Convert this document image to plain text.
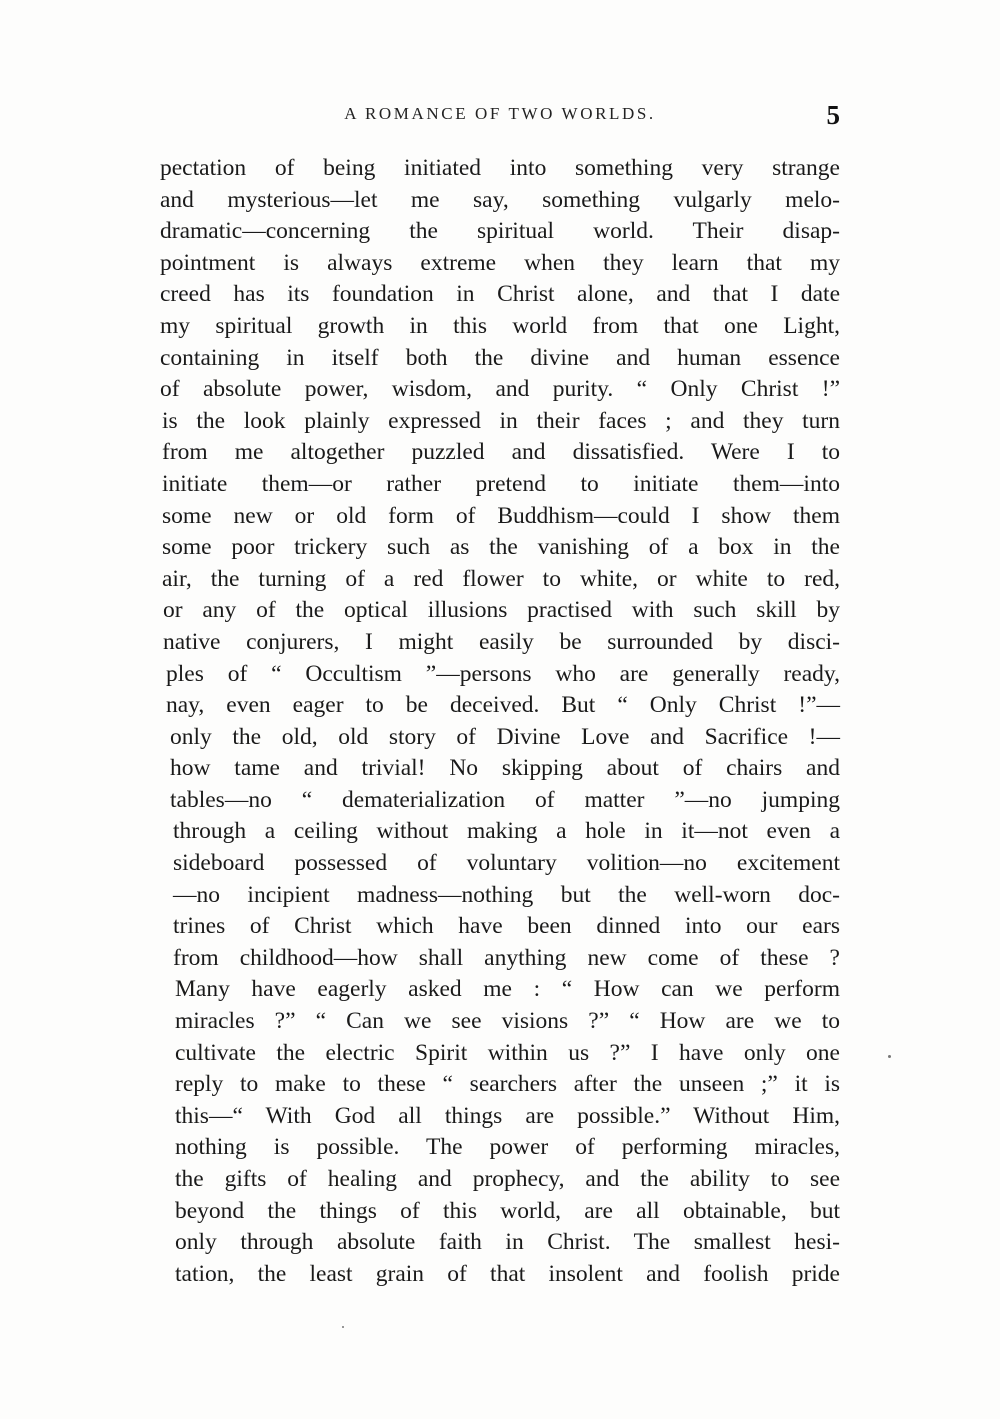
A ROMANCE OF TWO WORLDS.	5
pectation of being initiated into something very strange
and mysterious—let me say, something vulgarly melo-
dramatic—concerning the spiritual world. Their disap-
pointment is always extreme when they learn that my
creed has its foundation in Christ alone, and that I date
my spiritual growth in this world from that one Light,
containing in itself both the divine and human essence
of absolute power, wisdom, and purity. “ Only Christ !”
is the look plainly expressed in their faces ; and they turn
from me altogether puzzled and dissatisfied. Were I to
initiate them—or rather pretend to initiate them—into
some new or old form of Buddhism—could I show them
some poor trickery such as the vanishing of a box in the
air, the turning of a red flower to white, or white to red,
or any of the optical illusions practised with such skill by
native conjurers, I might easily be surrounded by disci-
ples of “ Occultism ”—persons who are generally ready,
nay, even eager to be deceived. But “ Only Christ !”—
only the old, old story of Divine Love and Sacrifice !—
how tame and trivial! No skipping about of chairs and
tables—no “ dematerialization of matter ”—no jumping
through a ceiling without making a hole in it—not even a
sideboard possessed of voluntary volition—no excitement
—no incipient madness—nothing but the well-worn doc-
trines of Christ which have been dinned into our ears
from childhood—how shall anything new come of these ?
Many have eagerly asked me : “ How can we perform
miracles ?” “ Can we see visions ?” “ How are we to
cultivate the electric Spirit within us ?” I have only one
reply to make to these “ searchers after the unseen ;” it is
this—“ With God all things are possible.” Without Him,
nothing is possible. The power of performing miracles,
the gifts of healing and prophecy, and the ability to see
beyond the things of this world, are all obtainable, but
only through absolute faith in Christ. The smallest hesi-
tation, the least grain of that insolent and foolish pride
